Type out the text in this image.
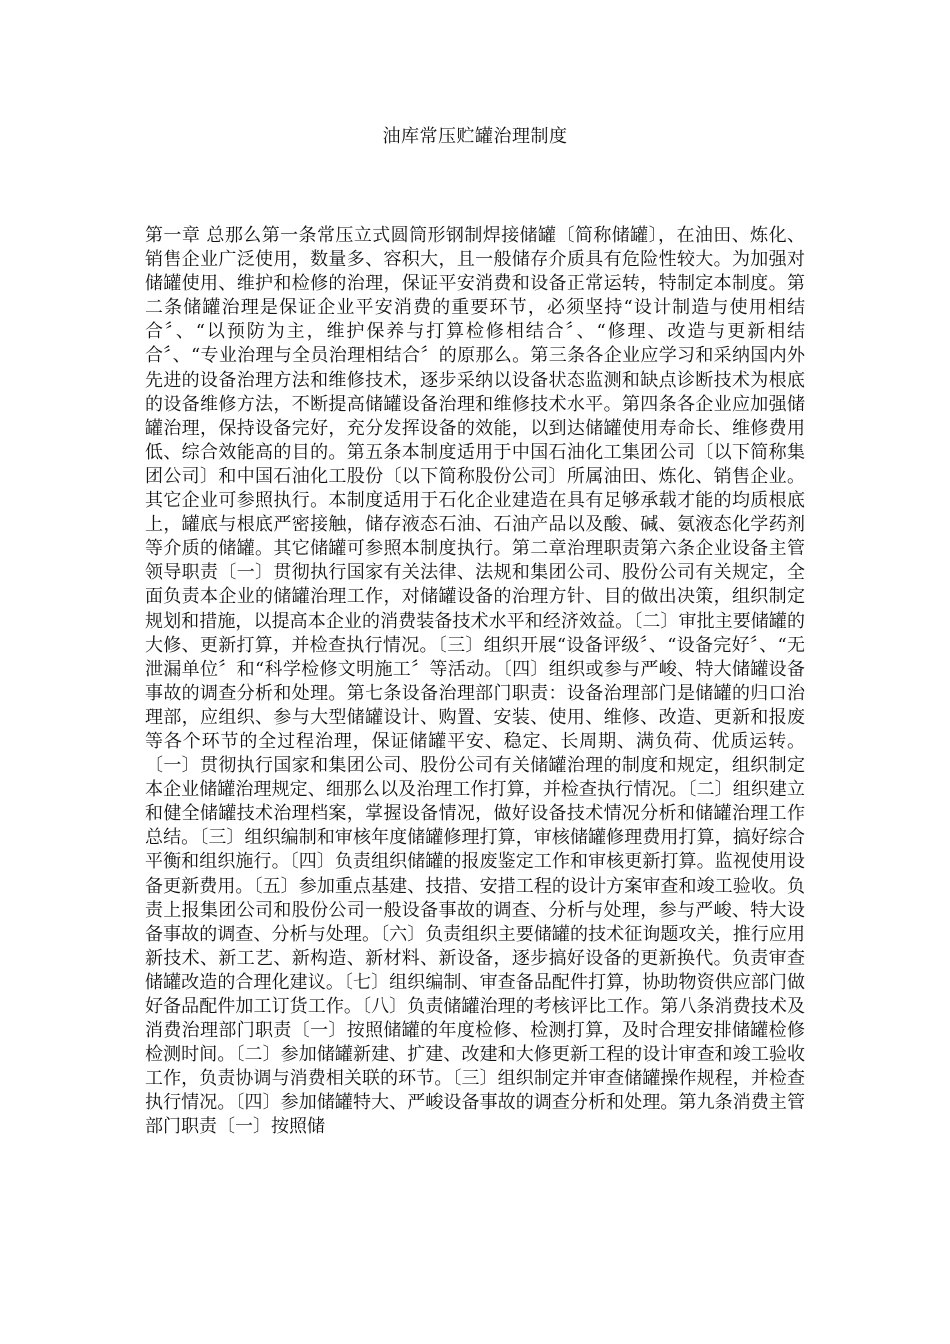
油库常压贮罐治理制度

第一章 总那么第一条常压立式圆筒形钢制焊接储罐〔简称储罐〕，在油田、炼化、销售企业广泛使用，数量多、容积大，且一般储存介质具有危险性较大。为加强对储罐使用、维护和检修的治理，保证平安消费和设备正常运转，特制定本制度。第二条储罐治理是保证企业平安消费的重要环节，必须坚持“设计制造与使用相结合〞、“以预防为主，维护保养与打算检修相结合〞、“修理、改造与更新相结合〞、“专业治理与全员治理相结合〞的原那么。第三条各企业应学习和采纳国内外先进的设备治理方法和维修技术，逐步采纳以设备状态监测和缺点诊断技术为根底的设备维修方法，不断提高储罐设备治理和维修技术水平。第四条各企业应加强储罐治理，保持设备完好，充分发挥设备的效能，以到达储罐使用寿命长、维修费用低、综合效能高的目的。第五条本制度适用于中国石油化工集团公司〔以下简称集团公司〕和中国石油化工股份〔以下简称股份公司〕所属油田、炼化、销售企业。其它企业可参照执行。本制度适用于石化企业建造在具有足够承载才能的均质根底上，罐底与根底严密接触，储存液态石油、石油产品以及酸、碱、氨液态化学药剂等介质的储罐。其它储罐可参照本制度执行。第二章治理职责第六条企业设备主管领导职责〔一〕贯彻执行国家有关法律、法规和集团公司、股份公司有关规定，全面负责本企业的储罐治理工作，对储罐设备的治理方针、目的做出决策，组织制定规划和措施，以提高本企业的消费装备技术水平和经济效益。〔二〕审批主要储罐的大修、更新打算，并检查执行情况。〔三〕组织开展“设备评级〞、“设备完好〞、“无泄漏单位〞和“科学检修文明施工〞等活动。〔四〕组织或参与严峻、特大储罐设备事故的调查分析和处理。第七条设备治理部门职责：设备治理部门是储罐的归口治理部，应组织、参与大型储罐设计、购置、安装、使用、维修、改造、更新和报废等各个环节的全过程治理，保证储罐平安、稳定、长周期、满负荷、优质运转。〔一〕贯彻执行国家和集团公司、股份公司有关储罐治理的制度和规定，组织制定本企业储罐治理规定、细那么以及治理工作打算，并检查执行情况。〔二〕组织建立和健全储罐技术治理档案，掌握设备情况，做好设备技术情况分析和储罐治理工作总结。〔三〕组织编制和审核年度储罐修理打算，审核储罐修理费用打算，搞好综合平衡和组织施行。〔四〕负责组织储罐的报废鉴定工作和审核更新打算。监视使用设备更新费用。〔五〕参加重点基建、技措、安措工程的设计方案审查和竣工验收。负责上报集团公司和股份公司一般设备事故的调查、分析与处理，参与严峻、特大设备事故的调查、分析与处理。〔六〕负责组织主要储罐的技术征询题攻关，推行应用新技术、新工艺、新构造、新材料、新设备，逐步搞好设备的更新换代。负责审查储罐改造的合理化建议。〔七〕组织编制、审查备品配件打算，协助物资供应部门做好备品配件加工订货工作。〔八〕负责储罐治理的考核评比工作。第八条消费技术及消费治理部门职责〔一〕按照储罐的年度检修、检测打算，及时合理安排储罐检修检测时间。〔二〕参加储罐新建、扩建、改建和大修更新工程的设计审查和竣工验收工作，负责协调与消费相关联的环节。〔三〕组织制定并审查储罐操作规程，并检查执行情况。〔四〕参加储罐特大、严峻设备事故的调查分析和处理。第九条消费主管部门职责〔一〕按照储
